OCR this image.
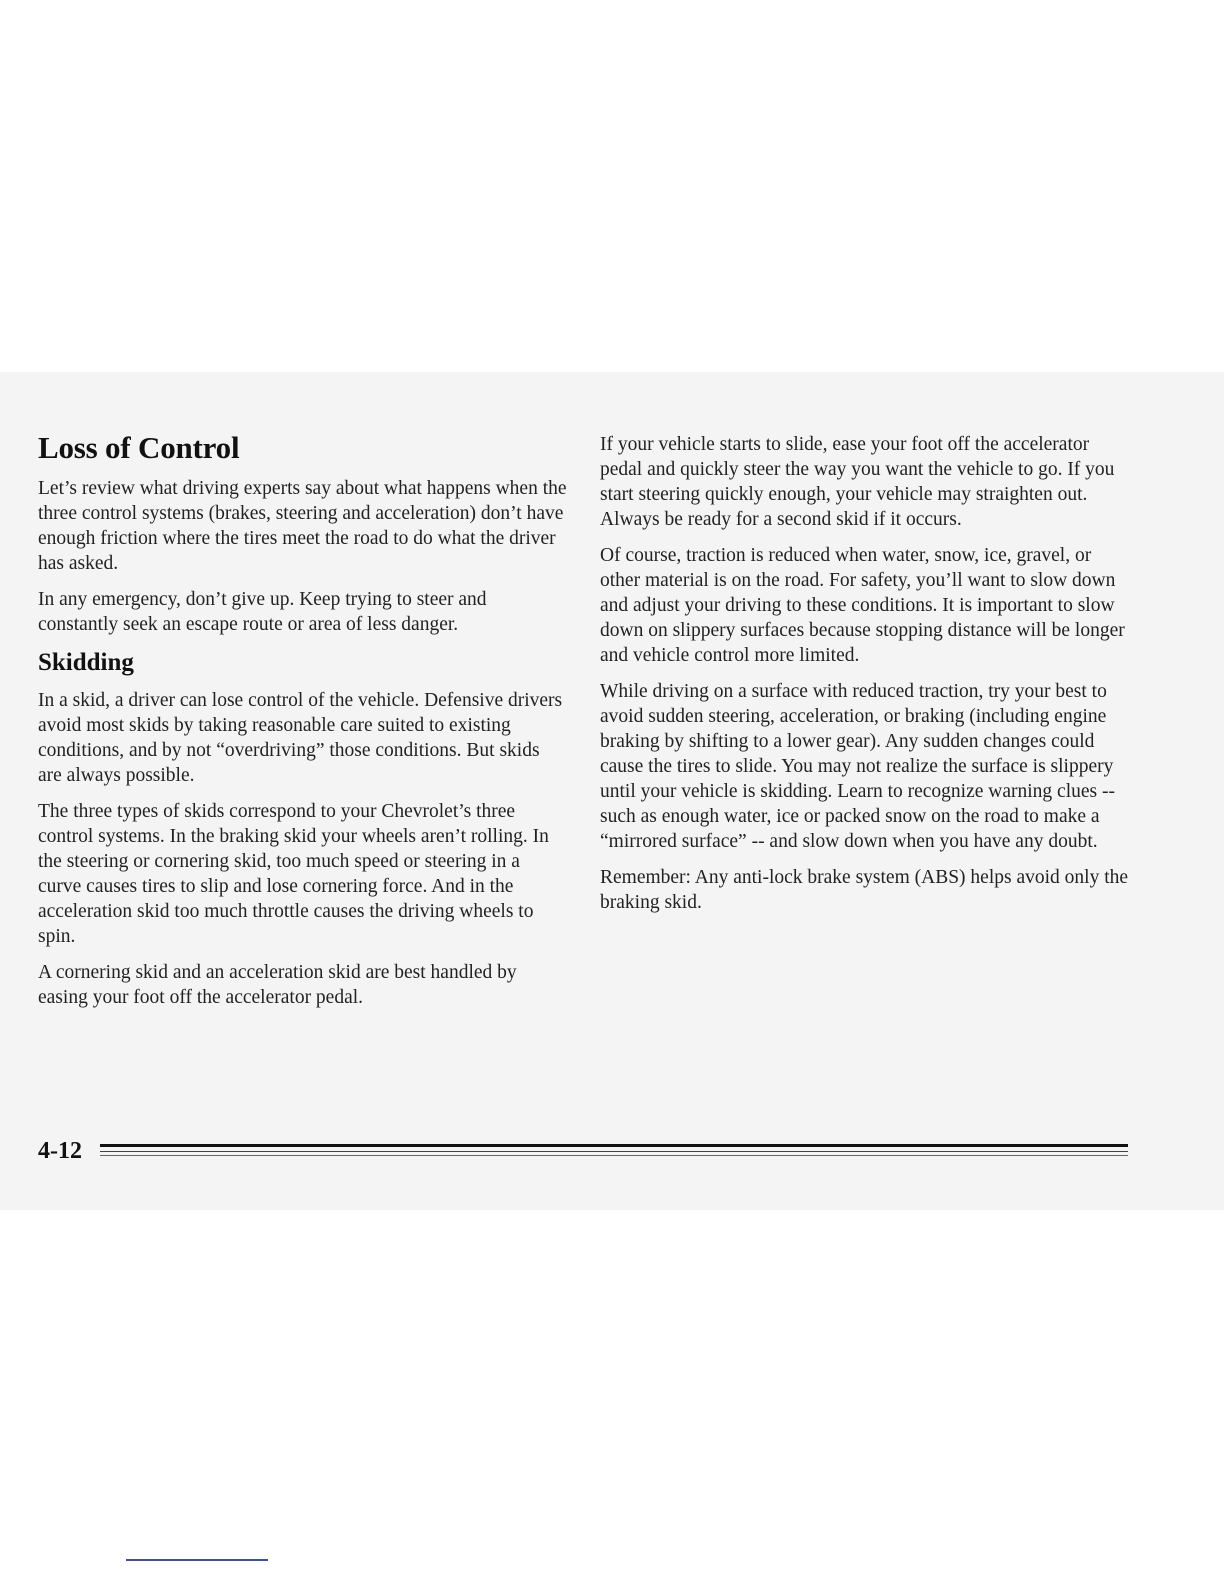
Loss of Control

Let’s review what driving experts say about what happens when the three control systems (brakes, steering and acceleration) don’t have enough friction where the tires meet the road to do what the driver has asked.

In any emergency, don’t give up. Keep trying to steer and constantly seek an escape route or area of less danger.

Skidding

In a skid, a driver can lose control of the vehicle. Defensive drivers avoid most skids by taking reasonable care suited to existing conditions, and by not “overdriving” those conditions. But skids are always possible.

The three types of skids correspond to your Chevrolet’s three control systems. In the braking skid your wheels aren’t rolling. In the steering or cornering skid, too much speed or steering in a curve causes tires to slip and lose cornering force. And in the acceleration skid too much throttle causes the driving wheels to spin.

A cornering skid and an acceleration skid are best handled by easing your foot off the accelerator pedal.

If your vehicle starts to slide, ease your foot off the accelerator pedal and quickly steer the way you want the vehicle to go. If you start steering quickly enough, your vehicle may straighten out. Always be ready for a second skid if it occurs.

Of course, traction is reduced when water, snow, ice, gravel, or other material is on the road. For safety, you’ll want to slow down and adjust your driving to these conditions. It is important to slow down on slippery surfaces because stopping distance will be longer and vehicle control more limited.

While driving on a surface with reduced traction, try your best to avoid sudden steering, acceleration, or braking (including engine braking by shifting to a lower gear). Any sudden changes could cause the tires to slide. You may not realize the surface is slippery until your vehicle is skidding. Learn to recognize warning clues -- such as enough water, ice or packed snow on the road to make a “mirrored surface” -- and slow down when you have any doubt.

Remember: Any anti-lock brake system (ABS) helps avoid only the braking skid.

4-12
